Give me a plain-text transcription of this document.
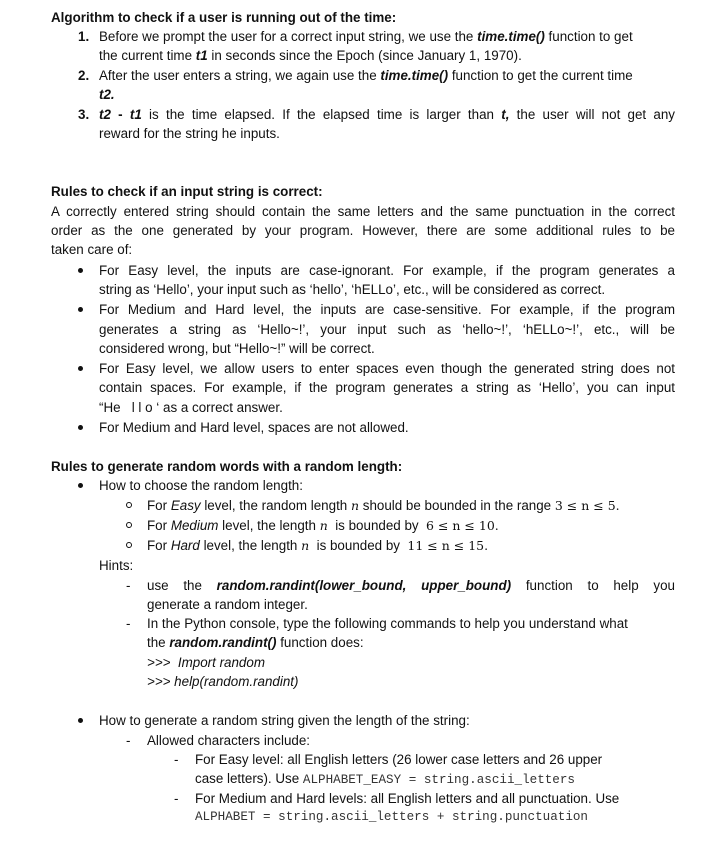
Algorithm to check if a user is running out of the time:
1. Before we prompt the user for a correct input string, we use the time.time() function to get
the current time t1 in seconds since the Epoch (since January 1, 1970).
2. After the user enters a string, we again use the time.time() function to get the current time
t2.
3. t2 - t1 is the time elapsed. If the elapsed time is larger than t, the user will not get any
reward for the string he inputs.
Rules to check if an input string is correct:
A correctly entered string should contain the same letters and the same punctuation in the correct
order as the one generated by your program. However, there are some additional rules to be
taken care of:
For Easy level, the inputs are case-ignorant. For example, if the program generates a
string as ‘Hello’, your input such as ‘hello’, ‘hELLo’, etc., will be considered as correct.
For Medium and Hard level, the inputs are case-sensitive. For example, if the program
generates a string as ‘Hello~!’, your input such as ‘hello~!’, ‘hELLo~!’, etc., will be
considered wrong, but “Hello~!” will be correct.
For Easy level, we allow users to enter spaces even though the generated string does not
contain spaces. For example, if the program generates a string as ‘Hello’, you can input
“He   l l o ‘ as a correct answer.
For Medium and Hard level, spaces are not allowed.
Rules to generate random words with a random length:
How to choose the random length:
For Easy level, the random length n should be bounded in the range 3 ≤ n ≤ 5.
For Medium level, the length n  is bounded by  6 ≤ n ≤ 10.
For Hard level, the length n  is bounded by  11 ≤ n ≤ 15.
Hints:
- use the random.randint(lower_bound, upper_bound) function to help you
generate a random integer.
- In the Python console, type the following commands to help you understand what
the random.randint() function does:
>>>  Import random
>>> help(random.randint)
How to generate a random string given the length of the string:
- Allowed characters include:
- For Easy level: all English letters (26 lower case letters and 26 upper
case letters). Use ALPHABET_EASY = string.ascii_letters
- For Medium and Hard levels: all English letters and all punctuation. Use
ALPHABET = string.ascii_letters + string.punctuation
